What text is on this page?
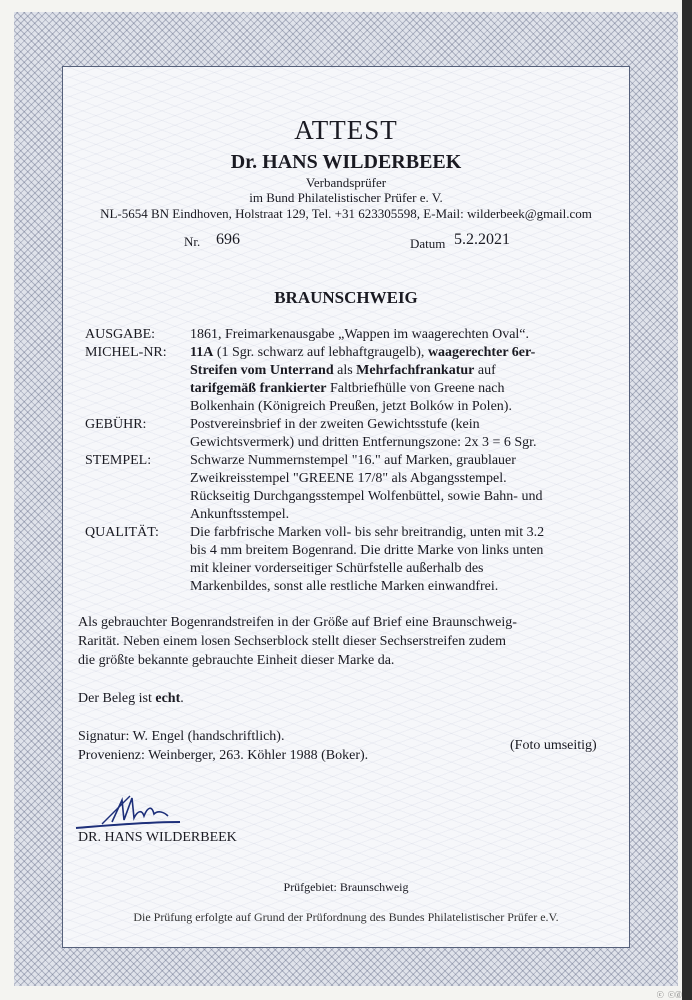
ATTEST
Dr. HANS WILDERBEEK
Verbandsprüfer
im Bund Philatelistischer Prüfer e. V.
NL-5654 BN Eindhoven, Holstraat 129, Tel. +31 623305598, E-Mail: wilderbeek@gmail.com
Nr. 696	Datum 5.2.2021
BRAUNSCHWEIG
AUSGABE: 1861, Freimarkenausgabe „Wappen im waagerechten Oval“.
MICHEL-NR: 11A (1 Sgr. schwarz auf lebhaftgraugelb), waagerechter 6er-
Streifen vom Unterrand als Mehrfachfrankatur auf
tarifgemäß frankierter Faltbriefhülle von Greene nach
Bolkenhain (Königreich Preußen, jetzt Bolków in Polen).
GEBÜHR:	Postvereinsbrief in der zweiten Gewichtsstufe (kein
Gewichtsvermerk) und dritten Entfernungszone: 2x 3 = 6 Sgr.
STEMPEL:	Schwarze Nummernstempel "16." auf Marken, graublauer
Zweikreisstempel "GREENE 17/8" als Abgangsstempel.
Rückseitig Durchgangsstempel Wolfenbüttel, sowie Bahn- und
Ankunftsstempel.
QUALITÄT: Die farbfrische Marken voll- bis sehr breitrandig, unten mit 3.2
bis 4 mm breitem Bogenrand. Die dritte Marke von links unten
mit kleiner vorderseitiger Schürfstelle außerhalb des
Markenbildes, sonst alle restliche Marken einwandfrei.
Als gebrauchter Bogenrandstreifen in der Größe auf Brief eine Braunschweig-
Rarität. Neben einem losen Sechserblock stellt dieser Sechserstreifen zudem
die größte bekannte gebrauchte Einheit dieser Marke da.
Der Beleg ist echt.
Signatur: W. Engel (handschriftlich).
(Foto umseitig)
Provenienz: Weinberger, 263. Köhler 1988 (Boker).
DR. HANS WILDERBEEK
Prüfgebiet: Braunschweig
Die Prüfung erfolgte auf Grund der Prüfordnung des Bundes Philatelistischer Prüfer e.V.
ⓒ ⓒⓓ
